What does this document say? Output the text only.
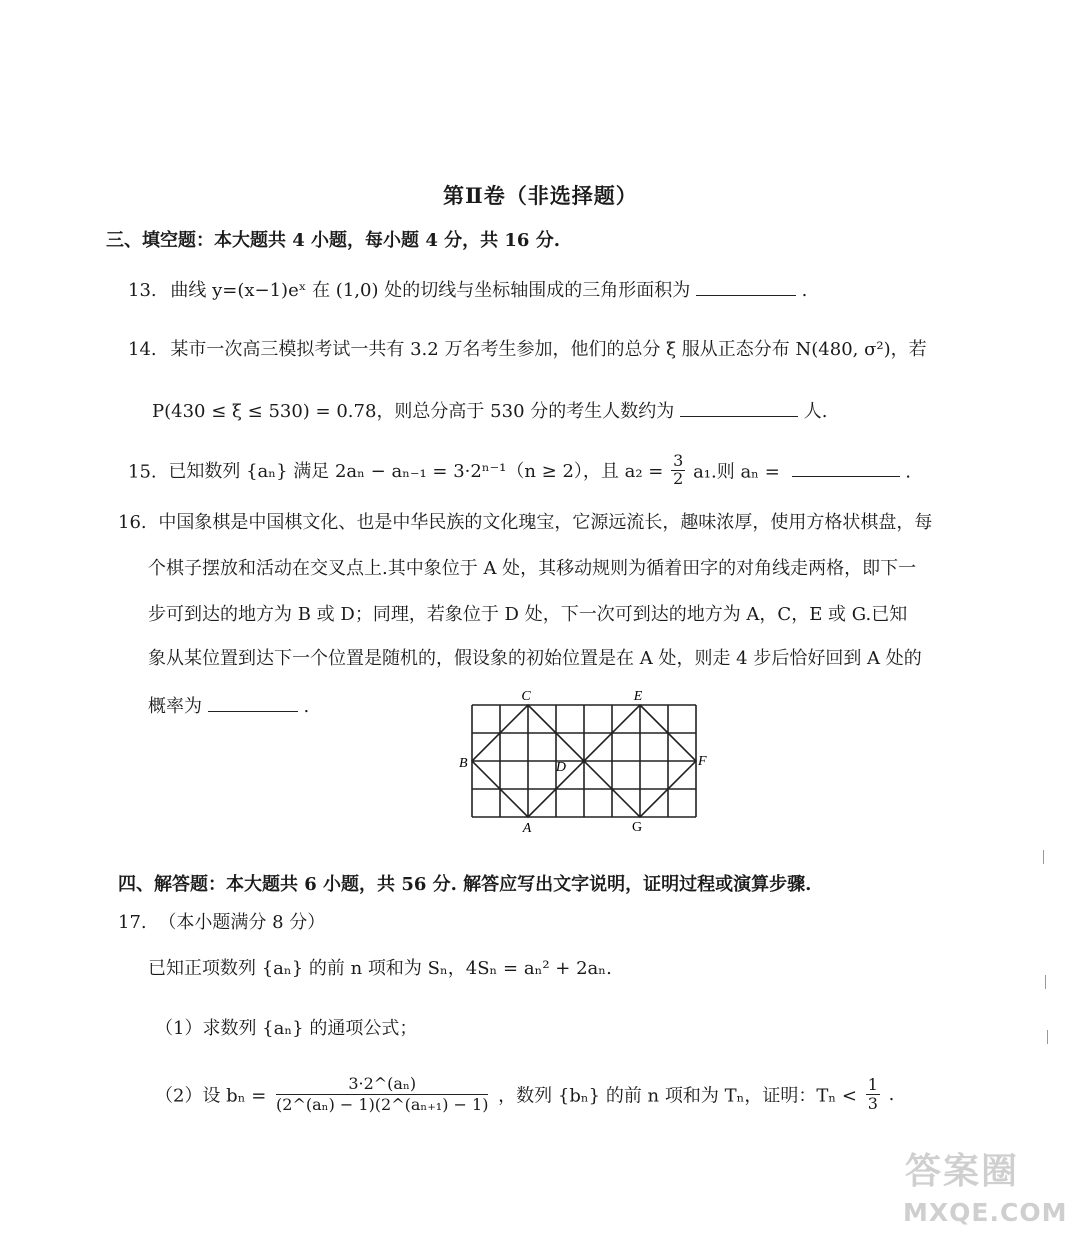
第Ⅱ卷（非选择题）
三、填空题：本大题共 4 小题，每小题 4 分，共 16 分.
13. 曲线 y=(x−1)eˣ 在 (1,0) 处的切线与坐标轴围成的三角形面积为	.
14. 某市一次高三模拟考试一共有 3.2 万名考生参加，他们的总分 ξ 服从正态分布 N(480, σ²)，若
P(430 ≤ ξ ≤ 530) = 0.78，则总分高于 530 分的考生人数约为	人.
15. 已知数列 {aₙ} 满足 2aₙ − aₙ₋₁ = 3·2ⁿ⁻¹（n ≥ 2），且 $a_2 = \frac{3}{2} a_1$.则 aₙ =	.
16. 中国象棋是中国棋文化、也是中华民族的文化瑰宝，它源远流长，趣味浓厚，使用方格状棋盘，每
个棋子摆放和活动在交叉点上.其中象位于 A 处，其移动规则为循着田字的对角线走两格，即下一
步可到达的地方为 B 或 D；同理，若象位于 D 处，下一次可到达的地方为 A，C，E 或 G.已知
象从某位置到达下一个位置是随机的，假设象的初始位置是在 A 处，则走 4 步后恰好回到 A 处的
概率为	.	C	E
B	D	F
A	G
四、解答题：本大题共 6 小题，共 56 分. 解答应写出文字说明，证明过程或演算步骤.
17. （本小题满分 8 分）
已知正项数列 {aₙ} 的前 n 项和为 Sₙ，4Sₙ = aₙ² + 2aₙ.
（1）求数列 {aₙ} 的通项公式；
（2）设 $b_n = \frac{\text{3·2\textasciicircum{}(aₙ)}}{\text{(2\textasciicircum{}(aₙ) − 1)(2\textasciicircum{}(aₙ₊₁) − 1)}}$ ，数列 {bₙ} 的前 n 项和为 Tₙ，证明：$T_n < \frac{1}{3}$ .
答案圈
MXQE.COM
